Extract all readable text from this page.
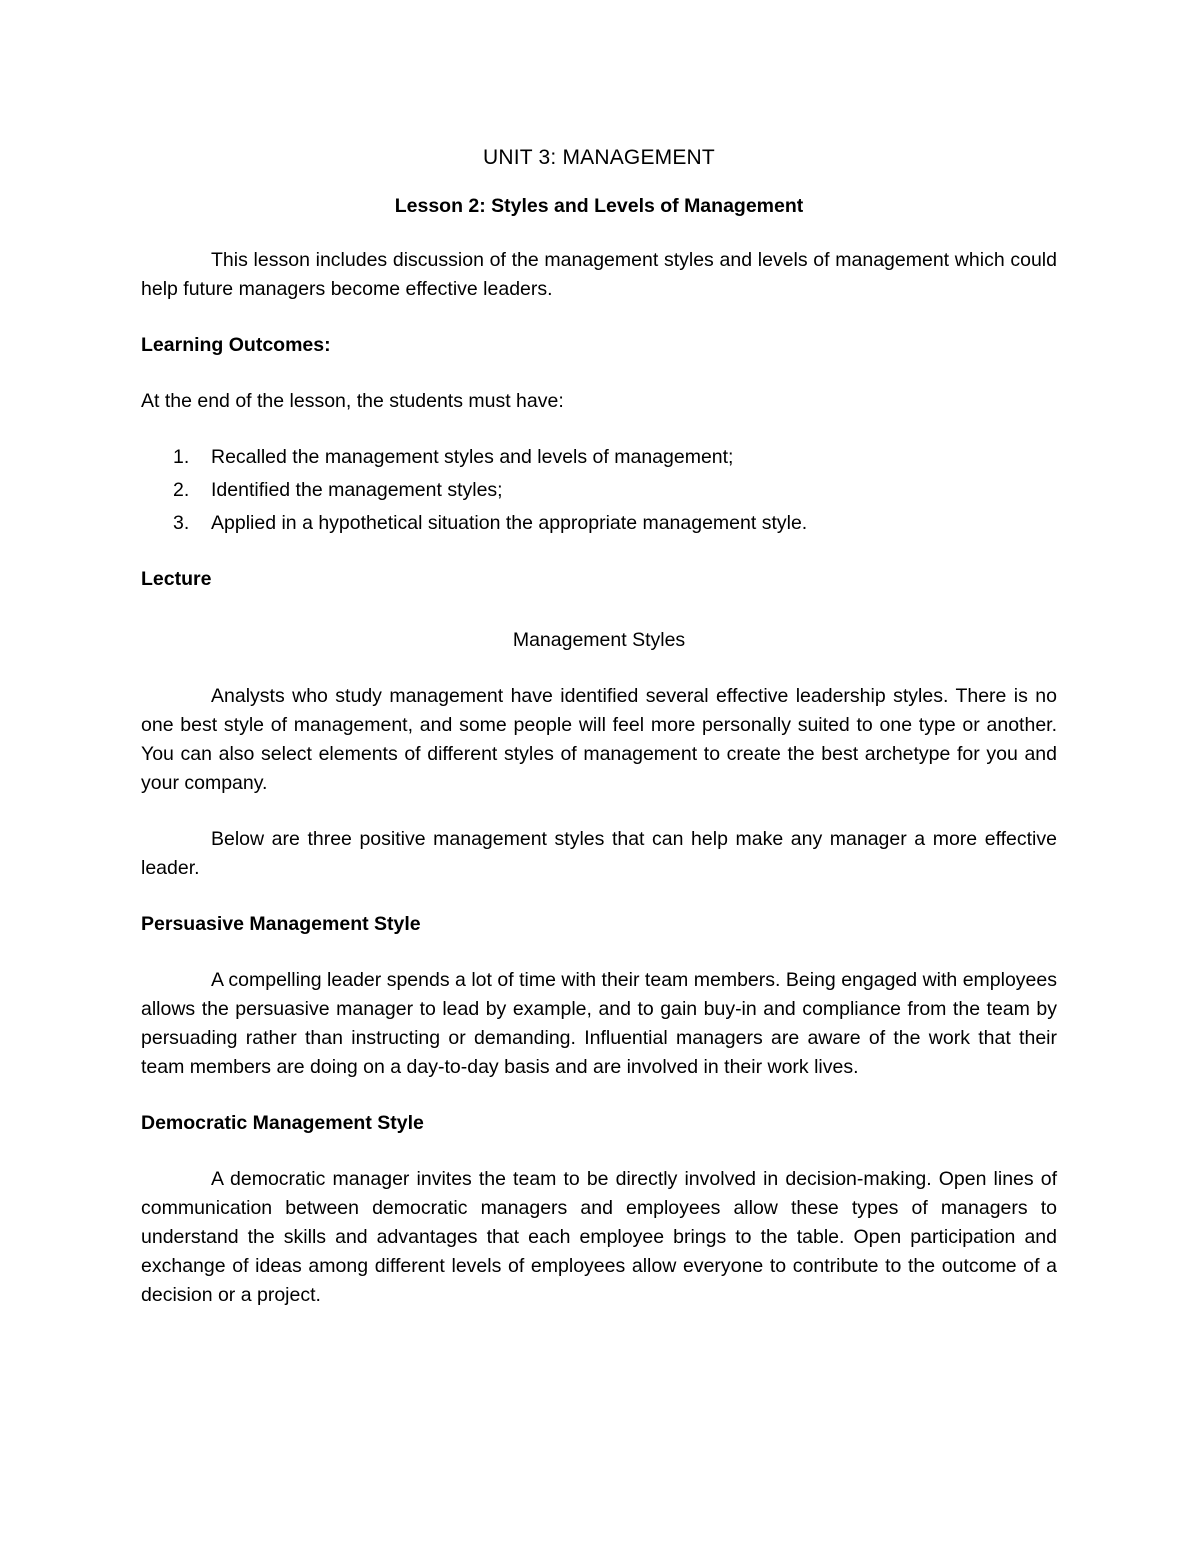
UNIT 3: MANAGEMENT
Lesson 2: Styles and Levels of Management

This lesson includes discussion of the management styles and levels of management which could help future managers become effective leaders.

Learning Outcomes:

At the end of the lesson, the students must have:

1.	Recalled the management styles and levels of management;
2.	Identified the management styles;
3.	Applied in a hypothetical situation the appropriate management style.
Lecture
Management Styles

Analysts who study management have identified several effective leadership styles. There is no one best style of management, and some people will feel more personally suited to one type or another. You can also select elements of different styles of management to create the best archetype for you and your company.

Below are three positive management styles that can help make any manager a more effective leader.

Persuasive Management Style

A compelling leader spends a lot of time with their team members. Being engaged with employees allows the persuasive manager to lead by example, and to gain buy-in and compliance from the team by persuading rather than instructing or demanding. Influential managers are aware of the work that their team members are doing on a day-to-day basis and are involved in their work lives.

Democratic Management Style

A democratic manager invites the team to be directly involved in decision-making. Open lines of communication between democratic managers and employees allow these types of managers to understand the skills and advantages that each employee brings to the table. Open participation and exchange of ideas among different levels of employees allow everyone to contribute to the outcome of a decision or a project.
